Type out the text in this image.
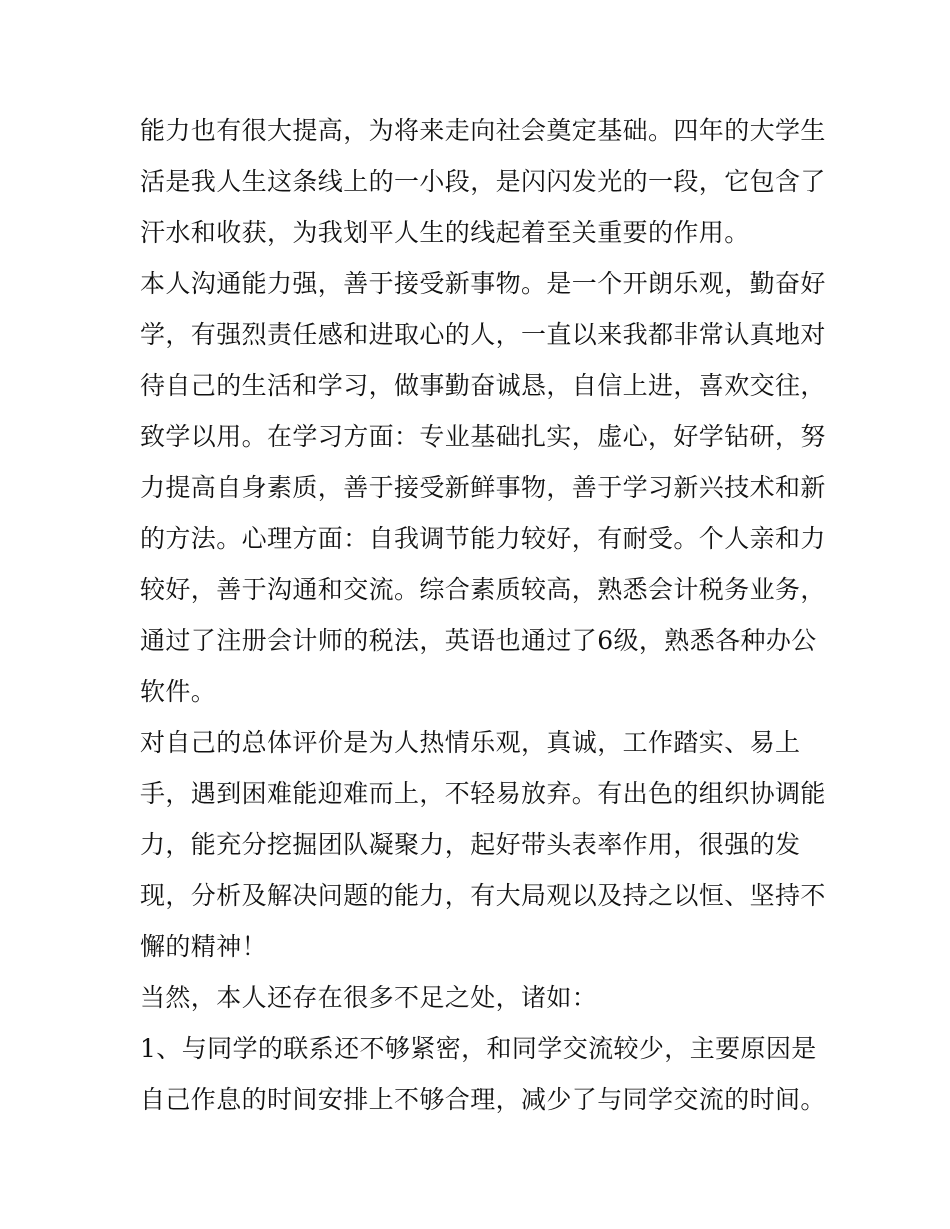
能力也有很大提高，为将来走向社会奠定基础。四年的大学生
活是我人生这条线上的一小段，是闪闪发光的一段，它包含了
汗水和收获，为我划平人生的线起着至关重要的作用。
本人沟通能力强，善于接受新事物。是一个开朗乐观，勤奋好
学，有强烈责任感和进取心的人，一直以来我都非常认真地对
待自己的生活和学习，做事勤奋诚恳，自信上进，喜欢交往，
致学以用。在学习方面：专业基础扎实，虚心，好学钻研，努
力提高自身素质，善于接受新鲜事物，善于学习新兴技术和新
的方法。心理方面：自我调节能力较好，有耐受。个人亲和力
较好，善于沟通和交流。综合素质较高，熟悉会计税务业务，
通过了注册会计师的税法，英语也通过了6级，熟悉各种办公
软件。
对自己的总体评价是为人热情乐观，真诚，工作踏实、易上
手，遇到困难能迎难而上，不轻易放弃。有出色的组织协调能
力，能充分挖掘团队凝聚力，起好带头表率作用，很强的发
现，分析及解决问题的能力，有大局观以及持之以恒、坚持不
懈的精神！
当然，本人还存在很多不足之处，诸如：
1、与同学的联系还不够紧密，和同学交流较少，主要原因是
自己作息的时间安排上不够合理，减少了与同学交流的时间。
